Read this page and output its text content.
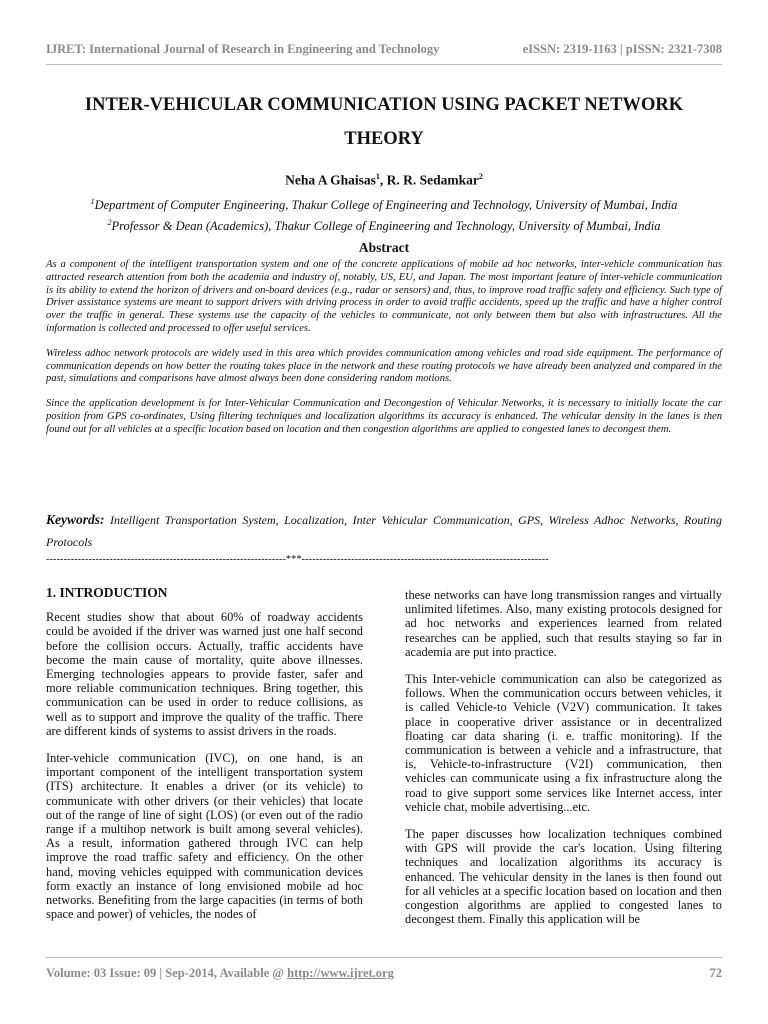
IJRET: International Journal of Research in Engineering and Technology	eISSN: 2319-1163 | pISSN: 2321-7308
INTER-VEHICULAR COMMUNICATION USING PACKET NETWORK THEORY
Neha A Ghaisas$^1$, R. R. Sedamkar$^2$
$^1$Department of Computer Engineering, Thakur College of Engineering and Technology, University of Mumbai, India
$^2$Professor & Dean (Academics), Thakur College of Engineering and Technology, University of Mumbai, India
Abstract

As a component of the intelligent transportation system and one of the concrete applications of mobile ad hoc networks, inter-vehicle communication has attracted research attention from both the academia and industry of, notably, US, EU, and Japan. The most important feature of inter-vehicle communication is its ability to extend the horizon of drivers and on-board devices (e.g., radar or sensors) and, thus, to improve road traffic safety and efficiency. Such type of Driver assistance systems are meant to support drivers with driving process in order to avoid traffic accidents, speed up the traffic and have a higher control over the traffic in general. These systems use the capacity of the vehicles to communicate, not only between them but also with infrastructures. All the information is collected and processed to offer useful services.

Wireless adhoc network protocols are widely used in this area which provides communication among vehicles and road side equipment. The performance of communication depends on how better the routing takes place in the network and these routing protocols we have already been analyzed and compared in the past, simulations and comparisons have almost always been done considering random motions.

Since the application development is for Inter-Vehicular Communication and Decongestion of Vehicular Networks, it is necessary to initially locate the car position from GPS co-ordinates, Using filtering techniques and localization algorithms its accuracy is enhanced. The vehicular density in the lanes is then found out for all vehicles at a specific location based on location and then congestion algorithms are applied to congested lanes to decongest them.

Keywords: Intelligent Transportation System, Localization, Inter Vehicular Communication, GPS, Wireless Adhoc Networks, Routing Protocols
--------------------------------------------------------------------***----------------------------------------------------------------------
1. INTRODUCTION

Recent studies show that about 60% of roadway accidents could be avoided if the driver was warned just one half second before the collision occurs. Actually, traffic accidents have become the main cause of mortality, quite above illnesses. Emerging technologies appears to provide faster, safer and more reliable communication techniques. Bring together, this communication can be used in order to reduce collisions, as well as to support and improve the quality of the traffic. There are different kinds of systems to assist drivers in the roads.

Inter-vehicle communication (IVC), on one hand, is an important component of the intelligent transportation system (ITS) architecture. It enables a driver (or its vehicle) to communicate with other drivers (or their vehicles) that locate out of the range of line of sight (LOS) (or even out of the radio range if a multihop network is built among several vehicles). As a result, information gathered through IVC can help improve the road traffic safety and efficiency. On the other hand, moving vehicles equipped with communication devices form exactly an instance of long envisioned mobile ad hoc networks. Benefiting from the large capacities (in terms of both space and power) of vehicles, the nodes of

these networks can have long transmission ranges and virtually unlimited lifetimes. Also, many existing protocols designed for ad hoc networks and experiences learned from related researches can be applied, such that results staying so far in academia are put into practice.

This Inter-vehicle communication can also be categorized as follows. When the communication occurs between vehicles, it is called Vehicle-to Vehicle (V2V) communication. It takes place in cooperative driver assistance or in decentralized floating car data sharing (i. e. traffic monitoring). If the communication is between a vehicle and a infrastructure, that is, Vehicle-to-infrastructure (V2I) communication, then vehicles can communicate using a fix infrastructure along the road to give support some services like Internet access, inter vehicle chat, mobile advertising...etc.

The paper discusses how localization techniques combined with GPS will provide the car's location. Using filtering techniques and localization algorithms its accuracy is enhanced. The vehicular density in the lanes is then found out for all vehicles at a specific location based on location and then congestion algorithms are applied to congested lanes to decongest them. Finally this application will be

Volume: 03 Issue: 09 | Sep-2014, Available @ http://www.ijret.org	72
